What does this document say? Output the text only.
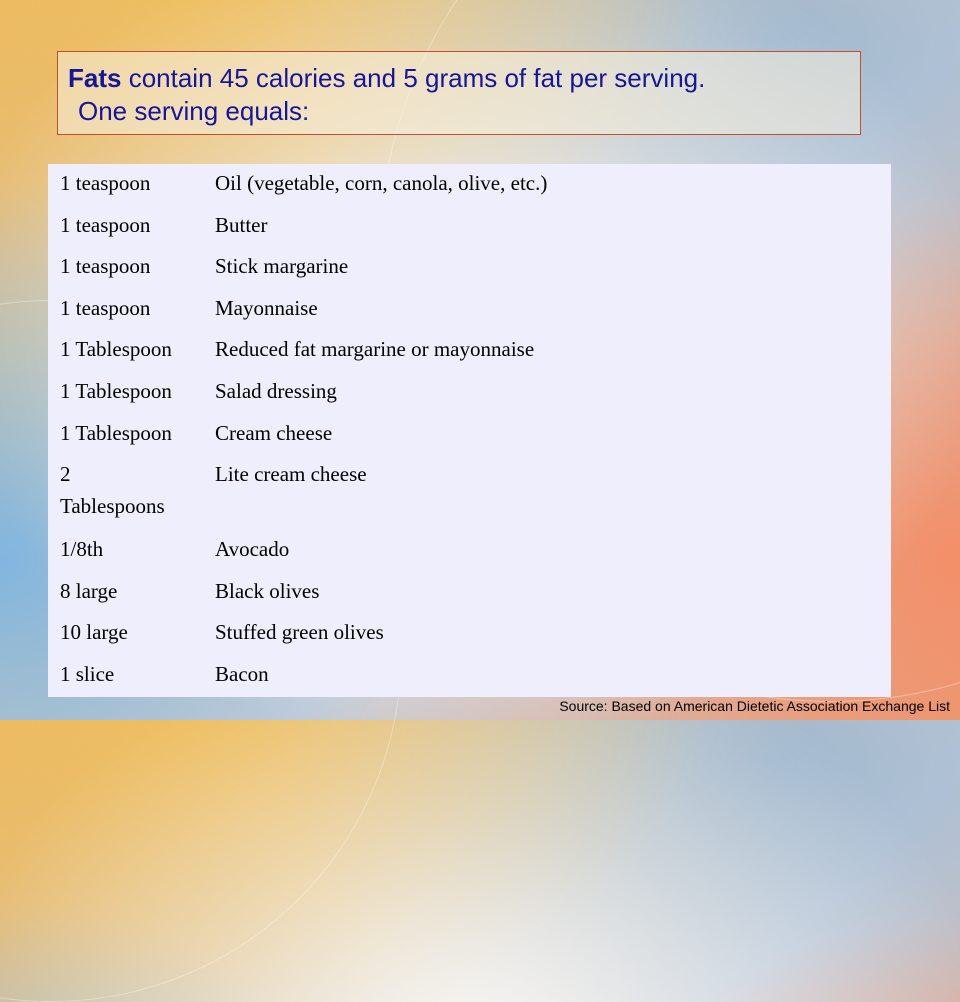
Fats contain 45 calories and 5 grams of fat per serving.
One serving equals:
1 teaspoon	Oil (vegetable, corn, canola, olive, etc.)
1 teaspoon	Butter
1 teaspoon	Stick margarine
1 teaspoon	Mayonnaise
1 Tablespoon	Reduced fat margarine or mayonnaise
1 Tablespoon	Salad dressing
1 Tablespoon	Cream cheese
2 Tablespoons	Lite cream cheese
1/8th	Avocado
8 large	Black olives
10 large	Stuffed green olives
1 slice	Bacon
Source: Based on American Dietetic Association Exchange List
